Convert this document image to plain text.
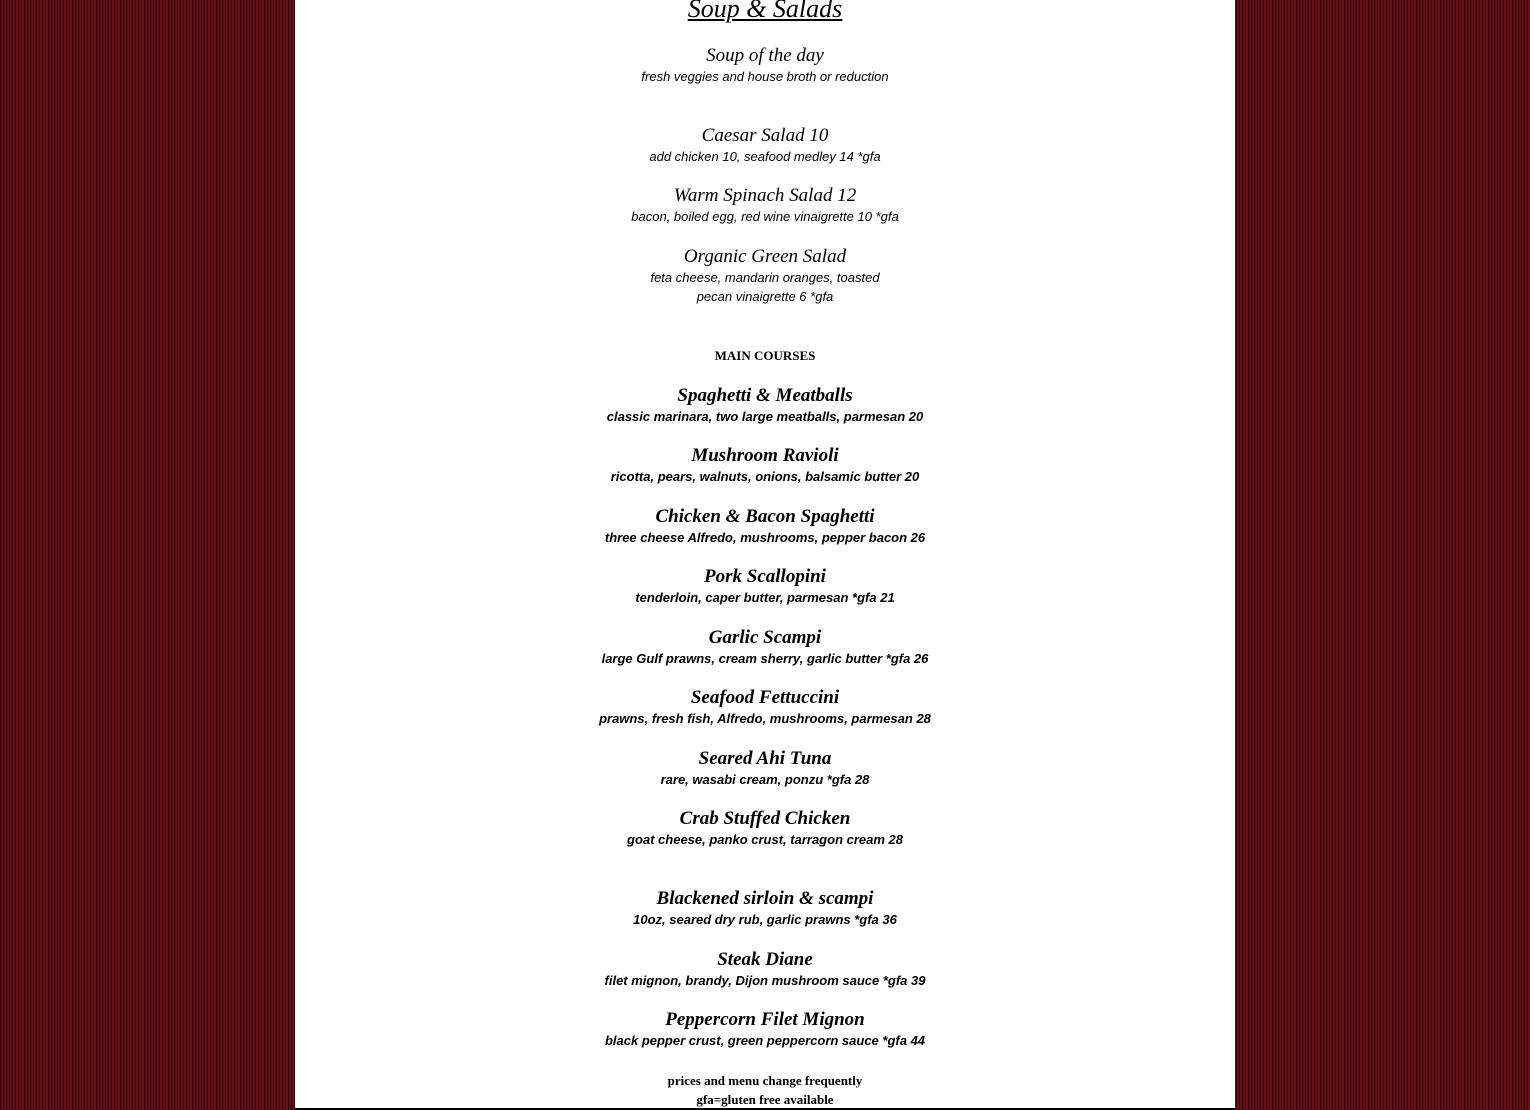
Soup & Salads
Soup of the day
fresh veggies and house broth or reduction
Caesar Salad 10
add chicken 10, seafood medley 14 *gfa
Warm Spinach Salad 12
bacon, boiled egg, red wine vinaigrette 10 *gfa
Organic Green Salad
feta cheese, mandarin oranges, toasted
pecan vinaigrette 6 *gfa
MAIN COURSES
Spaghetti & Meatballs
classic marinara, two large meatballs, parmesan 20
Mushroom Ravioli
ricotta, pears, walnuts, onions, balsamic butter 20
Chicken & Bacon Spaghetti
three cheese Alfredo, mushrooms, pepper bacon 26
Pork Scallopini
tenderloin, caper butter, parmesan *gfa 21
Garlic Scampi
large Gulf prawns, cream sherry, garlic butter *gfa 26
Seafood Fettuccini
prawns, fresh fish, Alfredo, mushrooms, parmesan 28
Seared Ahi Tuna
rare, wasabi cream, ponzu *gfa 28
Crab Stuffed Chicken
goat cheese, panko crust, tarragon cream 28
Blackened sirloin & scampi
10oz, seared dry rub, garlic prawns *gfa 36
Steak Diane
filet mignon, brandy, Dijon mushroom sauce *gfa 39
Peppercorn Filet Mignon
black pepper crust, green peppercorn sauce *gfa 44
prices and menu change frequently
gfa=gluten free available
